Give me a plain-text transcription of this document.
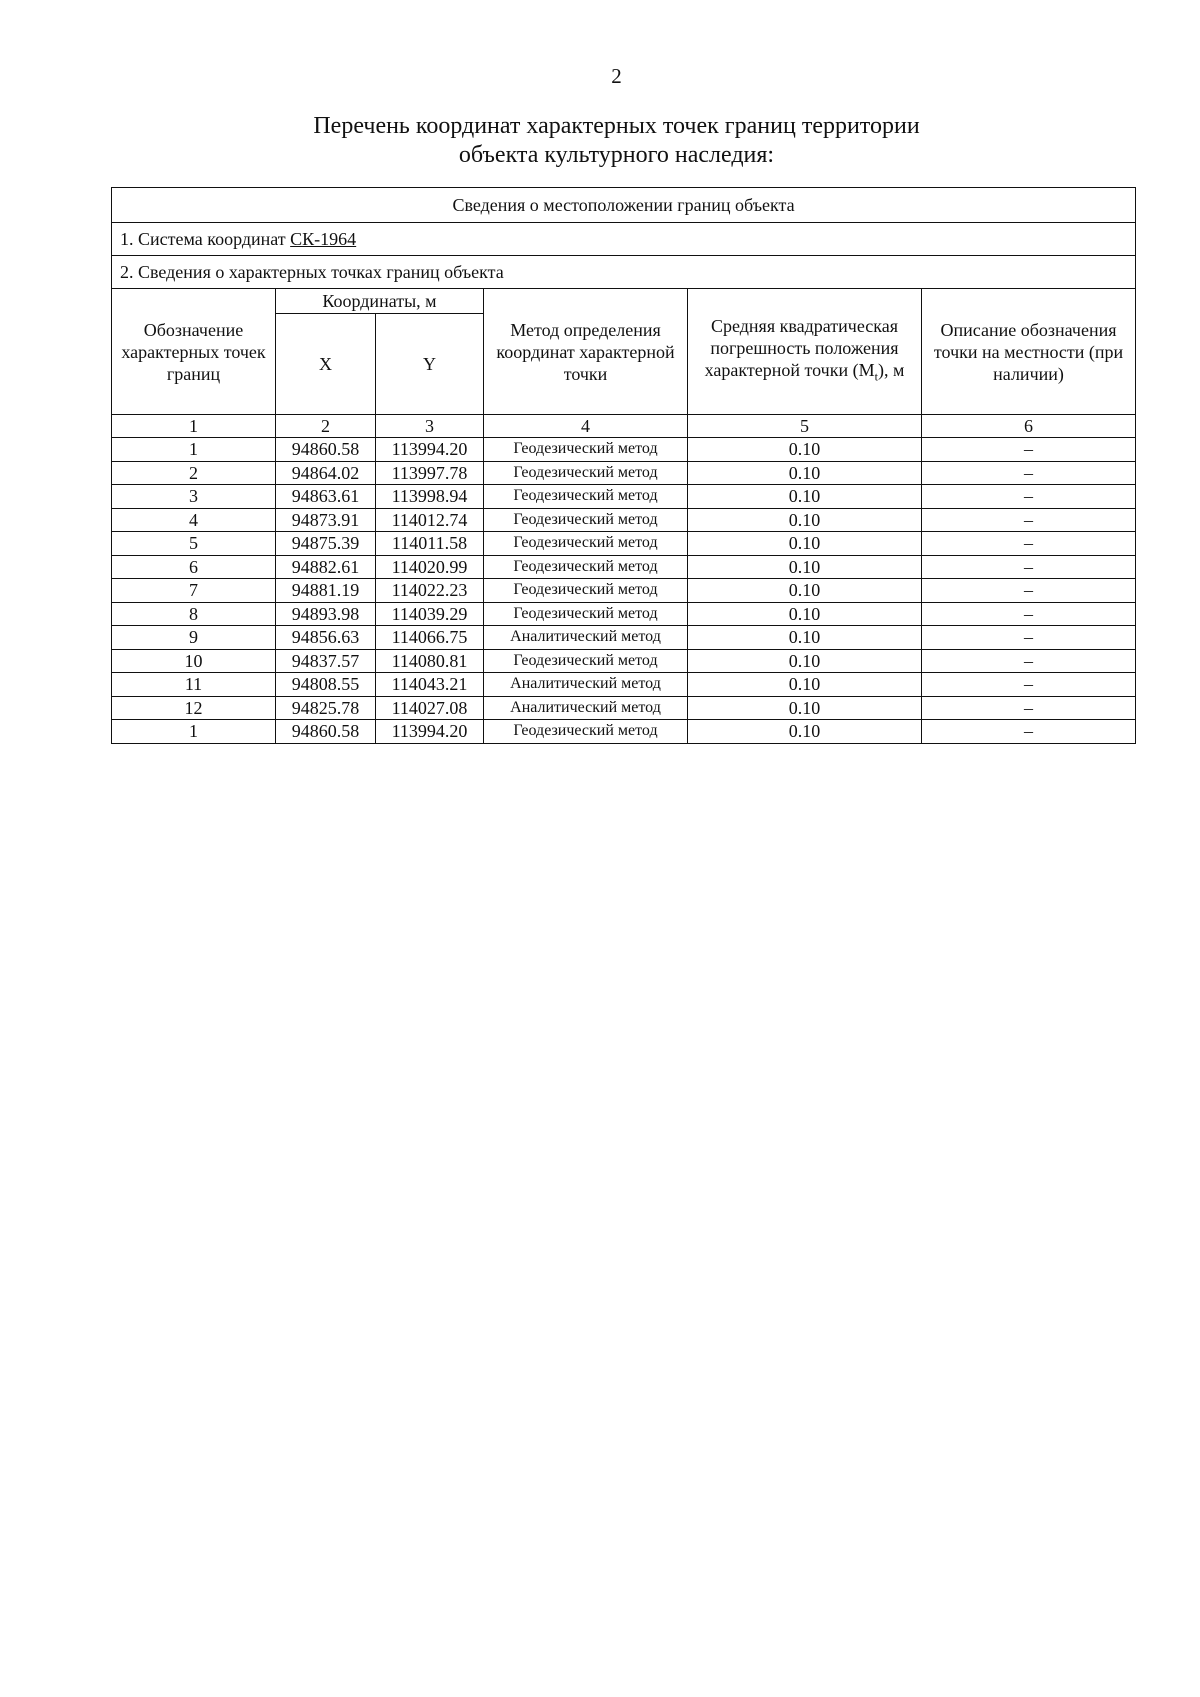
2
Перечень координат характерных точек границ территории
объекта культурного наследия:
Сведения о местоположении границ объекта					
1. Система координат СК-1964					
2. Сведения о характерных точках границ объекта					
Обозначение характерных точек границ	Координаты, м		Метод определения координат характерной точки	Средняя квадратическая погрешность положения характерной точки $(M_t)$, м	Описание обозначения точки на местности (при наличии)
	X	Y			
1	2	3	4	5	6
1	94860.58	113994.20	Геодезический метод	0.10	–
2	94864.02	113997.78	Геодезический метод	0.10	–
3	94863.61	113998.94	Геодезический метод	0.10	–
4	94873.91	114012.74	Геодезический метод	0.10	–
5	94875.39	114011.58	Геодезический метод	0.10	–
6	94882.61	114020.99	Геодезический метод	0.10	–
7	94881.19	114022.23	Геодезический метод	0.10	–
8	94893.98	114039.29	Геодезический метод	0.10	–
9	94856.63	114066.75	Аналитический метод	0.10	–
10	94837.57	114080.81	Геодезический метод	0.10	–
11	94808.55	114043.21	Аналитический метод	0.10	–
12	94825.78	114027.08	Аналитический метод	0.10	–
1	94860.58	113994.20	Геодезический метод	0.10	–
